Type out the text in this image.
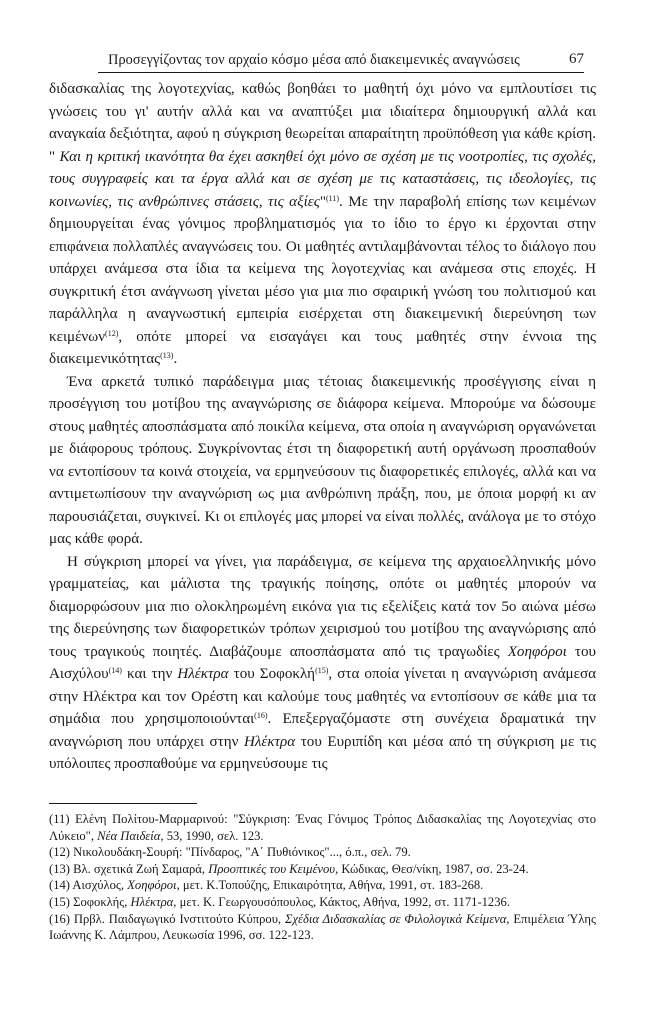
Προσεγγίζοντας τον αρχαίο κόσμο μέσα από διακειμενικές αναγνώσεις	67

διδασκαλίας της λογοτεχνίας, καθώς βοηθάει το μαθητή όχι μόνο να εμπλουτίσει τις γνώσεις του γι' αυτήν αλλά και να αναπτύξει μια ιδιαίτερα δημιουργική αλλά και αναγκαία δεξιότητα, αφού η σύγκριση θεωρείται απαραίτητη προϋπόθεση για κάθε κρίση. " Και η κριτική ικανότητα θα έχει ασκηθεί όχι μόνο σε σχέση με τις νοοτροπίες, τις σχολές, τους συγγραφείς και τα έργα αλλά και σε σχέση με τις καταστάσεις, τις ιδεολογίες, τις κοινωνίες, τις ανθρώπινες στάσεις, τις αξίες"$^{(11)}$. Με την παραβολή επίσης των κειμένων δημιουργείται ένας γόνιμος προβληματισμός για το ίδιο το έργο κι έρχονται στην επιφάνεια πολλαπλές αναγνώσεις του. Οι μαθητές αντιλαμβάνονται τέλος το διάλογο που υπάρχει ανάμεσα στα ίδια τα κείμενα της λογοτεχνίας και ανάμεσα στις εποχές. Η συγκριτική έτσι ανάγνωση γίνεται μέσο για μια πιο σφαιρική γνώση του πολιτισμού και παράλληλα η αναγνωστική εμπειρία εισέρχεται στη διακειμενική διερεύνηση των κειμένων$^{(12)}$, οπότε μπορεί να εισαγάγει και τους μαθητές στην έννοια της διακειμενικότητας$^{(13)}$.

Ένα αρκετά τυπικό παράδειγμα μιας τέτοιας διακειμενικής προσέγγισης είναι η προσέγγιση του μοτίβου της αναγνώρισης σε διάφορα κείμενα. Μπορούμε να δώσουμε στους μαθητές αποσπάσματα από ποικίλα κείμενα, στα οποία η αναγνώριση οργανώνεται με διάφορους τρόπους. Συγκρίνοντας έτσι τη διαφορετική αυτή οργάνωση προσπαθούν να εντοπίσουν τα κοινά στοιχεία, να ερμηνεύσουν τις διαφορετικές επιλογές, αλλά και να αντιμετωπίσουν την αναγνώριση ως μια ανθρώπινη πράξη, που, με όποια μορφή κι αν παρουσιάζεται, συγκινεί. Κι οι επιλογές μας μπορεί να είναι πολλές, ανάλογα με το στόχο μας κάθε φορά.

Η σύγκριση μπορεί να γίνει, για παράδειγμα, σε κείμενα της αρχαιοελληνικής μόνο γραμματείας, και μάλιστα της τραγικής ποίησης, οπότε οι μαθητές μπορούν να διαμορφώσουν μια πιο ολοκληρωμένη εικόνα για τις εξελίξεις κατά τον 5ο αιώνα μέσω της διερεύνησης των διαφορετικών τρόπων χειρισμού του μοτίβου της αναγνώρισης από τους τραγικούς ποιητές. Διαβάζουμε αποσπάσματα από τις τραγωδίες Χοηφόροι του Αισχύλου$^{(14)}$ και την Ηλέκτρα του Σοφοκλή$^{(15)}$, στα οποία γίνεται η αναγνώριση ανάμεσα στην Ηλέκτρα και τον Ορέστη και καλούμε τους μαθητές να εντοπίσουν σε κάθε μια τα σημάδια που χρησιμοποιούνται$^{(16)}$. Επεξεργαζόμαστε στη συνέχεια δραματικά την αναγνώριση που υπάρχει στην Ηλέκτρα του Ευριπίδη και μέσα από τη σύγκριση με τις υπόλοιπες προσπαθούμε να ερμηνεύσουμε τις

(11) Ελένη Πολίτου-Μαρμαρινού: "Σύγκριση: Ένας Γόνιμος Τρόπος Διδασκαλίας της Λογοτεχνίας στο Λύκειο", Νέα Παιδεία, 53, 1990, σελ. 123.

(12) Νικολουδάκη-Σουρή: "Πίνδαρος, "Α΄ Πυθιόνικος"..., ό.π., σελ. 79.

(13) Βλ. σχετικά Ζωή Σαμαρά, Προοπτικές του Κειμένου, Κώδικας, Θεσ/νίκη, 1987, σσ. 23-24.

(14) Αισχύλος, Χοηφόροι, μετ. Κ.Τοπούζης, Επικαιρότητα, Αθήνα, 1991, στ. 183-268.

(15) Σοφοκλής, Ηλέκτρα, μετ. Κ. Γεωργουσόπουλος, Κάκτος, Αθήνα, 1992, στ. 1171-1236.

(16) Πρβλ. Παιδαγωγικό Ινστιτούτο Κύπρου, Σχέδια Διδασκαλίας σε Φιλολογικά Κείμενα, Επιμέλεια Ύλης Ιωάννης Κ. Λάμπρου, Λευκωσία 1996, σσ. 122-123.
